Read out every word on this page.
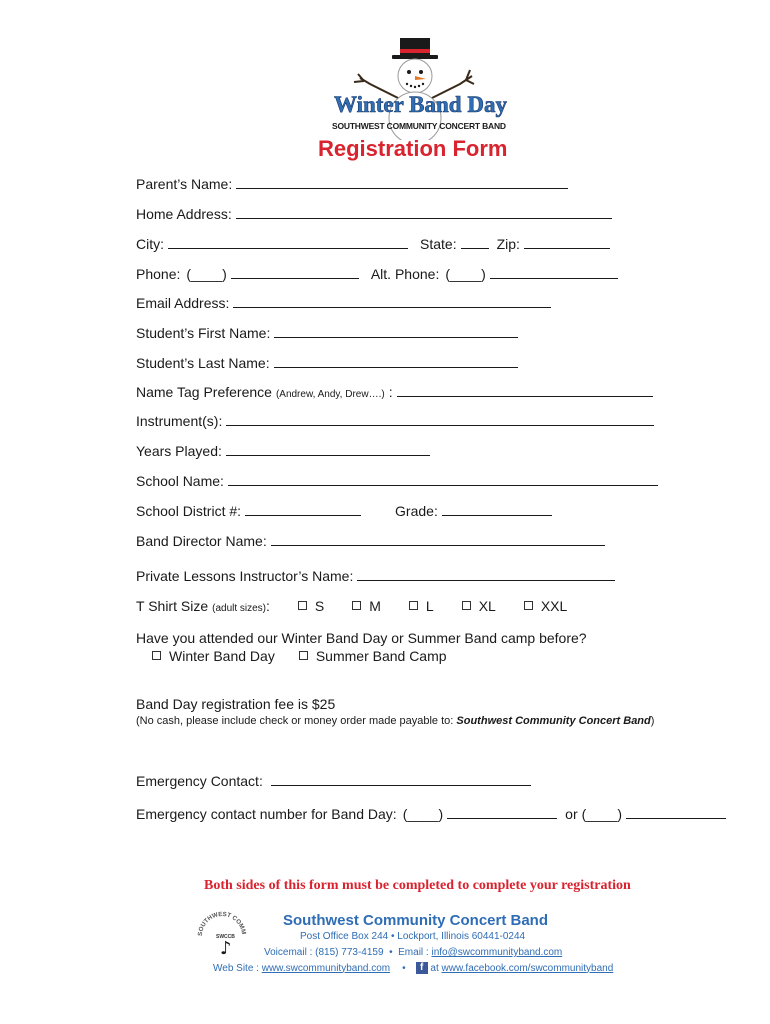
Winter Band Day
SOUTHWEST COMMUNITY CONCERT BAND
Registration Form
Parent’s Name:
Home Address:
City:	State:	Zip:
Phone: (____)	Alt. Phone: (____)
Email Address:
Student’s First Name:
Student’s Last Name:
Name Tag Preference (Andrew, Andy, Drew….) :
Instrument(s):
Years Played:
School Name:
School District #:	Grade:
Band Director Name:
Private Lessons Instructor’s Name:
T Shirt Size (adult sizes) :	S	M	L	XL	XXL
Have you attended our Winter Band Day or Summer Band camp before?
Winter Band Day	Summer Band Camp
Band Day registration fee is $25
(No cash, please include check or money order made payable to: Southwest Community Concert Band )
Emergency Contact:
Emergency contact number for Band Day: (____)	or (____)
Both sides of this form must be completed to complete your registration
SOUTHWEST COMM
SWCCB
♪
Southwest Community Concert Band
Post Office Box 244 • Lockport, Illinois 60441-0244
Voicemail : (815) 773-4159  •  Email : info@swcommunityband.com
Web Site : www.swcommunityband.com •	f at www.facebook.com/swcommunityband
